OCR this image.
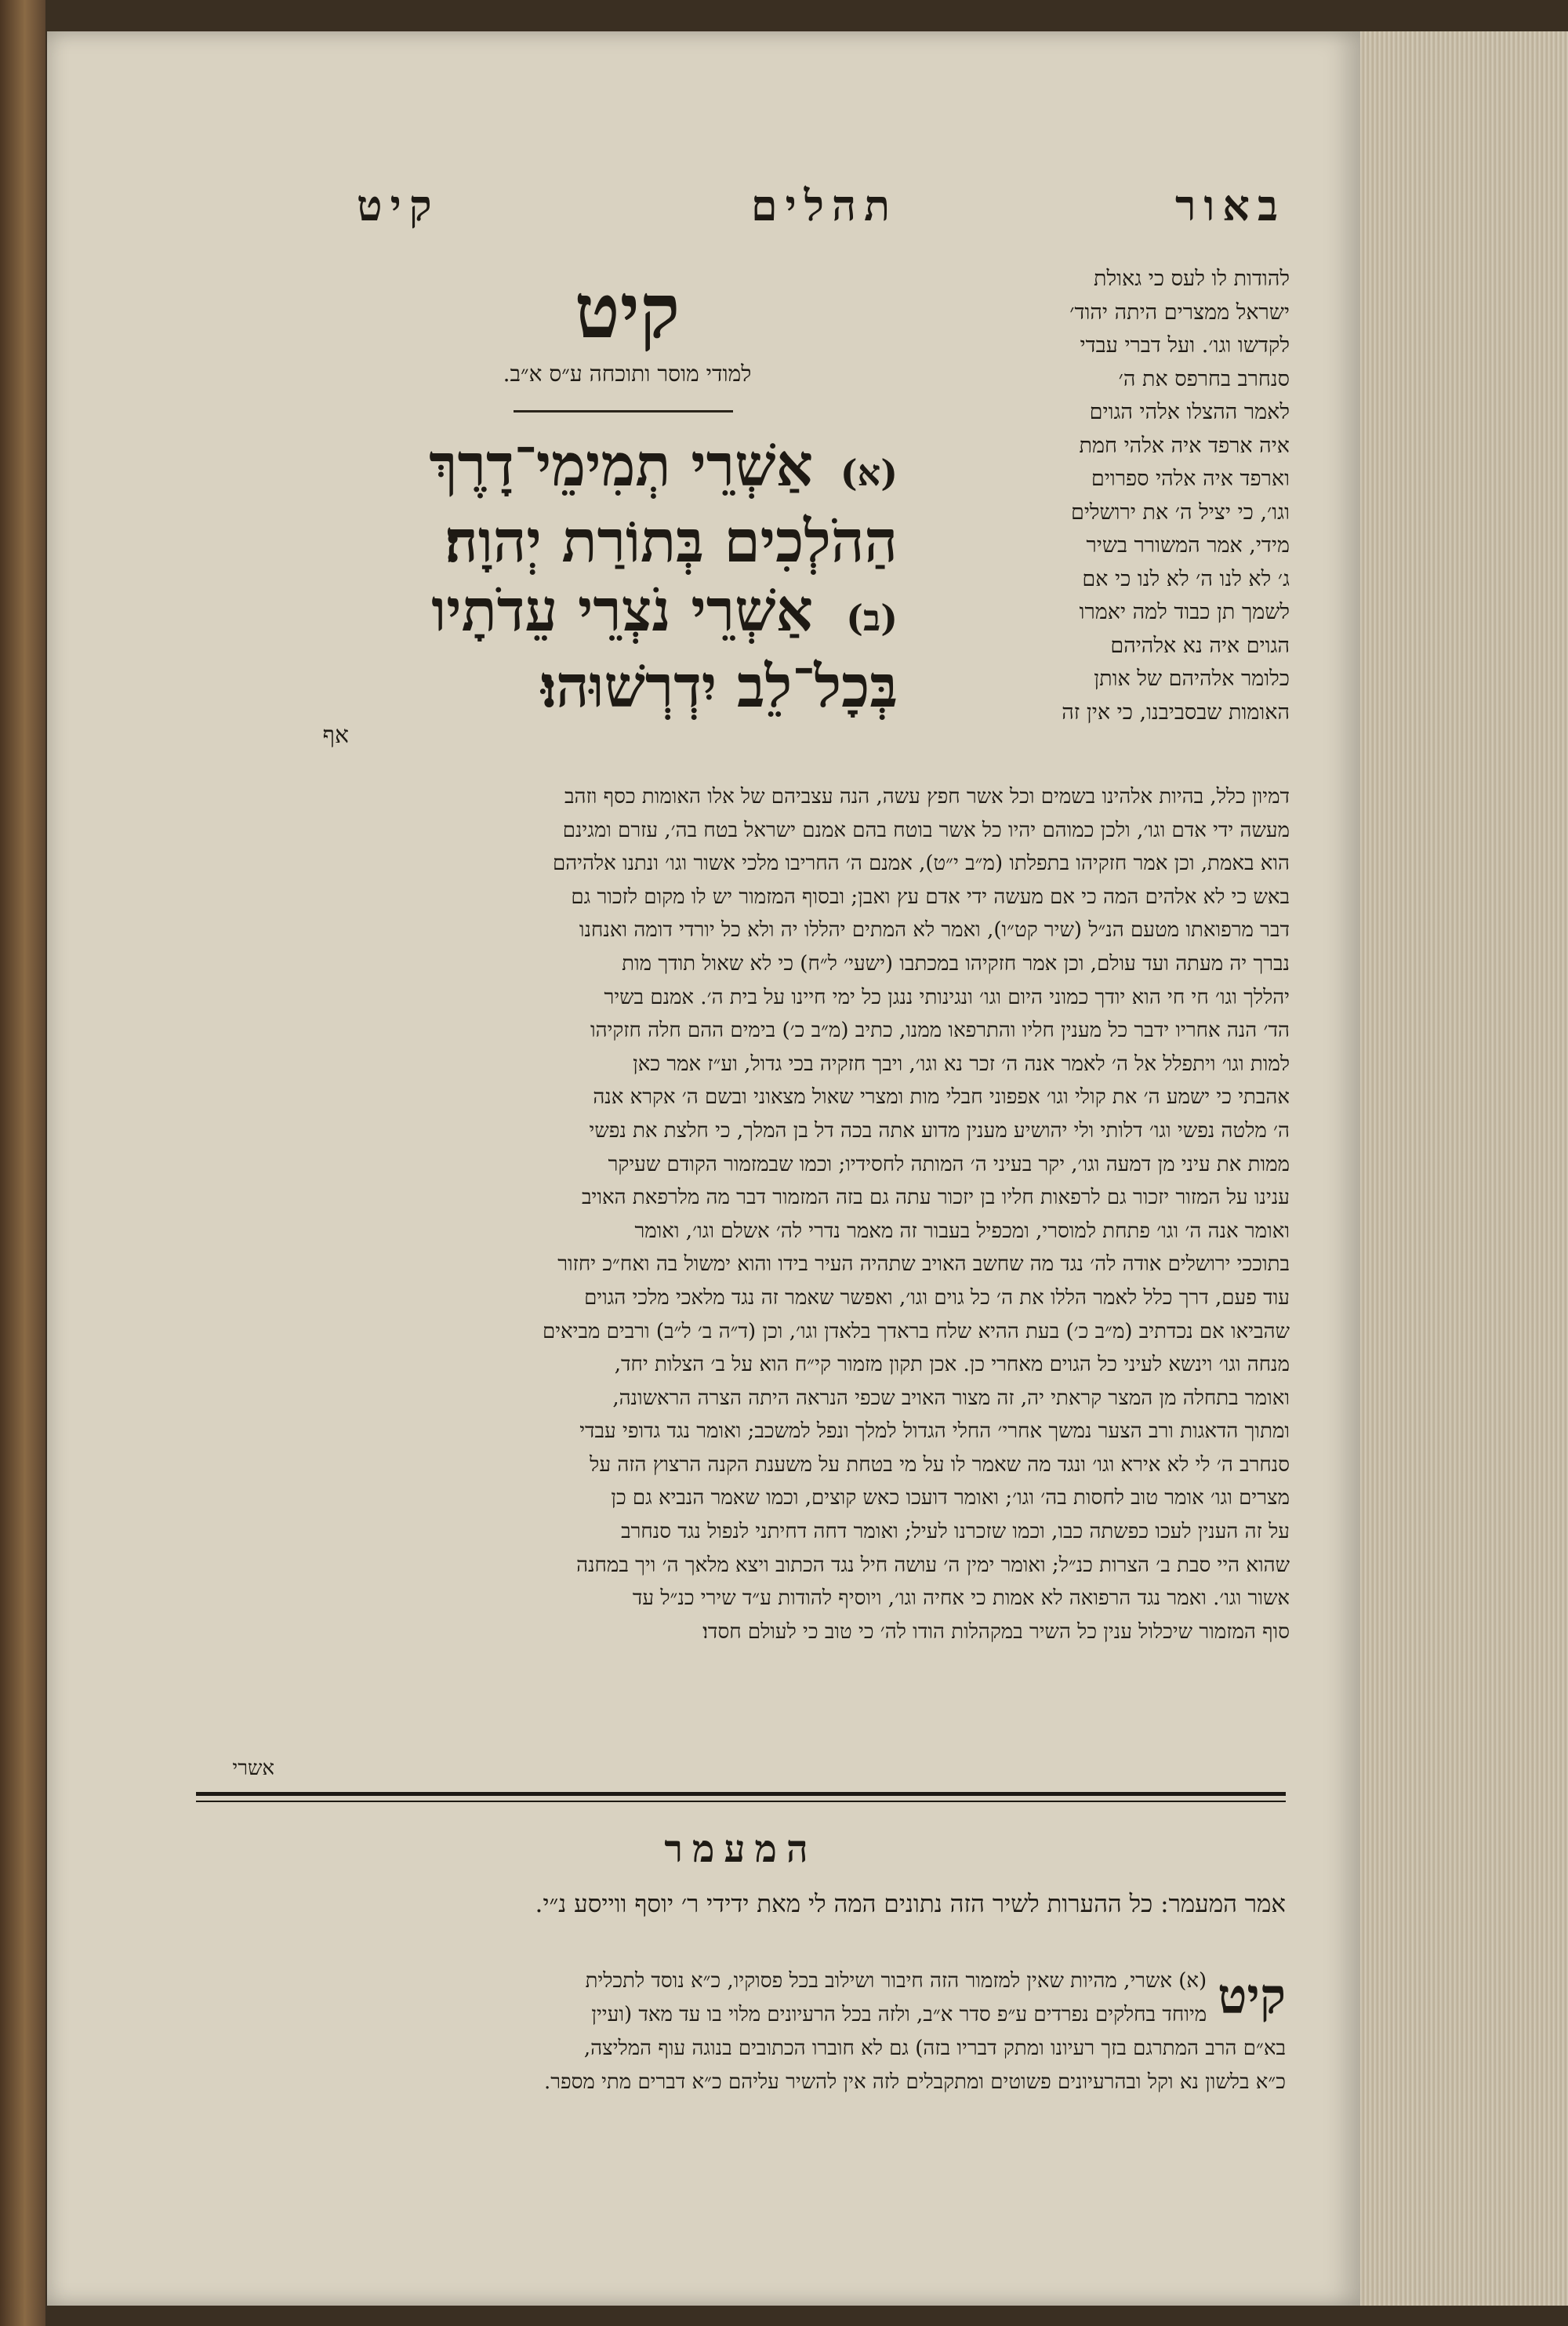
באור
תהלים
קיט
קיט
למודי מוסר ותוכחה ע״ס א״ב.
(א)
אַשְׁרֵי תְמִימֵי־דָרֶךְ
הַהֹלְכִים בְּתוֹרַת יְהוָה׃
(ב)
אַשְׁרֵי נֹצְרֵי עֵדֹתָיו
בְּכָל־לֵב יִדְרְשׁוּהוּ׃
אף
להודות לו לעס כי גאולת
ישראל ממצרים היתה יהוד׳
לקדשו וגו׳. ועל דברי עבדי
סנחרב בחרפס את ה׳
לאמר ההצלו אלהי הגוים
איה ארפד איה אלהי חמת
וארפד איה אלהי ספרוים
וגו׳, כי יציל ה׳ את ירושלים
מידי, אמר המשורר בשיר
ג׳ לא לנו ה׳ לא לנו כי אם
לשמך תן כבוד למה יאמרו
הגוים איה נא אלהיהם
כלומר אלהיהם של אותן
האומות שבסביבנו, כי אין זה
דמיון כלל, בהיות אלהינו בשמים וכל אשר חפץ עשה, הנה עצביהם של אלו האומות כסף וזהב
מעשה ידי אדם וגו׳, ולכן כמוהם יהיו כל אשר בוטח בהם אמנם ישראל בטח בה׳, עזרם ומגינם
הוא באמת, וכן אמר חזקיהו בתפלתו (מ״ב י״ט), אמנם ה׳ החריבו מלכי אשור וגו׳ ונתנו אלהיהם
באש כי לא אלהים המה כי אם מעשה ידי אדם עץ ואבן; ובסוף המזמור יש לו מקום לזכור גם
דבר מרפואתו מטעם הנ״ל (שיר קט״ו), ואמר לא המתים יהללו יה ולא כל יורדי דומה ואנחנו
נברך יה מעתה ועד עולם, וכן אמר חזקיהו במכתבו (ישעי׳ ל״ח) כי לא שאול תודך מות
יהללך וגו׳ חי חי הוא יודך כמוני היום וגו׳ ונגינותי ננגן כל ימי חיינו על בית ה׳. אמנם בשיר
הד׳ הנה אחריו ידבר כל מענין חליו והתרפאו ממנו, כתיב (מ״ב כ׳) בימים ההם חלה חזקיהו
למות וגו׳ ויתפלל אל ה׳ לאמר אנה ה׳ זכר נא וגו׳, ויבך חזקיה בכי גדול, וע״ז אמר כאן
אהבתי כי ישמע ה׳ את קולי וגו׳ אפפוני חבלי מות ומצרי שאול מצאוני ובשם ה׳ אקרא אנה
ה׳ מלטה נפשי וגו׳ דלותי ולי יהושיע מענין מדוע אתה בכה דל בן המלך, כי חלצת את נפשי
ממות את עיני מן דמעה וגו׳, יקר בעיני ה׳ המותה לחסידיו; וכמו שבמזמור הקודם שעיקר
ענינו על המזור יזכור גם לרפאות חליו בן יזכור עתה גם בזה המזמור דבר מה מלרפאת האויב
ואומר אנה ה׳ וגו׳ פתחת למוסרי, ומכפיל בעבור זה מאמר נדרי לה׳ אשלם וגו׳, ואומר
בתוככי ירושלים אודה לה׳ נגד מה שחשב האויב שתהיה העיר בידו והוא ימשול בה ואח״כ יחזור
עוד פעם, דרך כלל לאמר הללו את ה׳ כל גוים וגו׳, ואפשר שאמר זה נגד מלאכי מלכי הגוים
שהביאו אם נכדתיב (מ״ב כ׳) בעת ההיא שלח בראדך בלאדן וגו׳, וכן (ד״ה ב׳ ל״ב) ורבים מביאים
מנחה וגו׳ וינשא לעיני כל הגוים מאחרי כן. אכן תקון מזמור קי״ח הוא על ב׳ הצלות יחד,
ואומר בתחלה מן המצר קראתי יה, זה מצור האויב שכפי הנראה היתה הצרה הראשונה,
ומתוך הדאגות ורב הצער נמשך אחרי׳ החלי הגדול למלך ונפל למשכב; ואומר נגד גדופי עבדי
סנחרב ה׳ לי לא אירא וגו׳ ונגד מה שאמר לו על מי בטחת על משענת הקנה הרצוץ הזה על
מצרים וגו׳ אומר טוב לחסות בה׳ וגו׳; ואומר דועכו כאש קוצים, וכמו שאמר הנביא גם כן
על זה הענין לעכו כפשתה כבו, וכמו שזכרנו לעיל; ואומר דחה דחיתני לנפול נגד סנחרב
שהוא היי סבת ב׳ הצרות כנ״ל; ואומר ימין ה׳ עושה חיל נגד הכתוב ויצא מלאך ה׳ ויך במחנה
אשור וגו׳. ואמר נגד הרפואה לא אמות כי אחיה וגו׳, ויוסיף להודות ע״ד שירי כנ״ל עד
סוף המזמור שיכלול ענין כל השיר במקהלות הודו לה׳ כי טוב כי לעולם חסדו׃
אשרי
המעמר
אמר המעמר: כל ההערות לשיר הזה נתונים המה לי מאת ידידי ר׳ יוסף ווייסע נ״י.
קיט
(א) אשרי, מהיות שאין למזמור הזה חיבור ושילוב בכל פסוקיו, כ״א נוסד לתכלית
מיוחד בחלקים נפרדים ע״פ סדר א״ב, ולזה בכל הרעיונים מלוי בו עד מאד (ועיין
בא״ם הרב המתרגם בזך רעיונו ומתק דבריו בזה) גם לא חוברו הכתובים בנוגה עוף המליצה,
כ״א בלשון נא וקל ובהרעיונים פשוטים ומתקבלים לזה אין להשיר עליהם כ״א דברים מתי מספר.
